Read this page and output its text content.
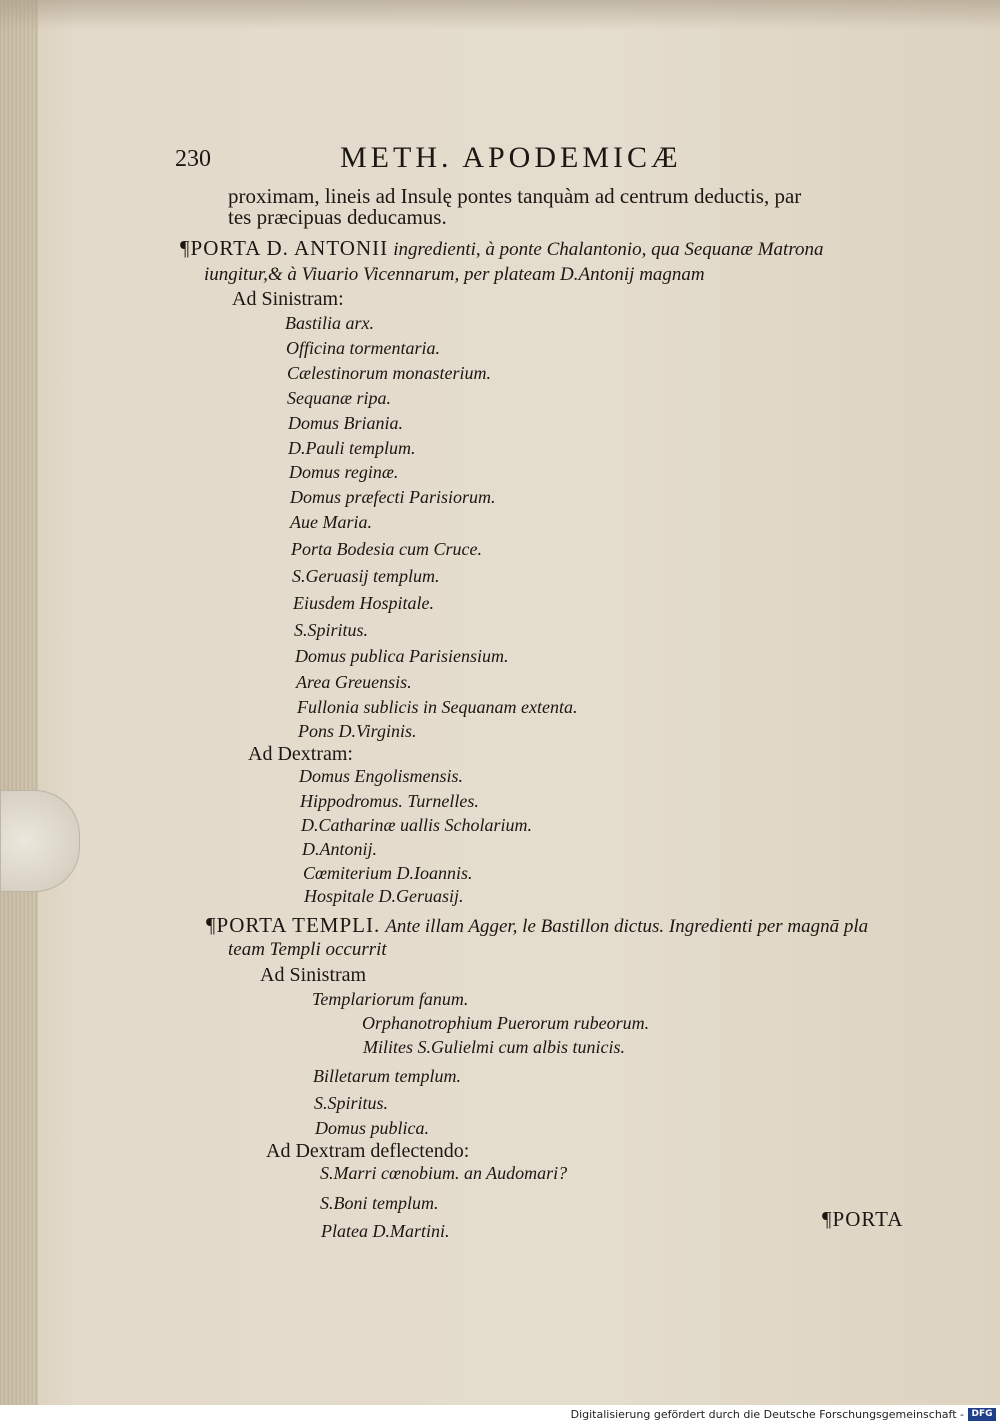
230	METH. APODEMICÆ
proximam, lineis ad Insulę pontes tanquàm ad centrum deductis, par
tes præcipuas deducamus.
¶PORTA D. ANTONII ingredienti, à ponte Chalantonio, qua Sequanæ Matrona
iungitur,& à Viuario Vicennarum, per plateam D.Antonij magnam
Ad Sinistram:
Bastilia arx.
Officina tormentaria.
Cælestinorum monasterium.
Sequanæ ripa.
Domus Briania.
D.Pauli templum.
Domus reginæ.
Domus præfecti Parisiorum.
Aue Maria.
Porta Bodesia cum Cruce.
S.Geruasij templum.
Eiusdem Hospitale.
S.Spiritus.
Domus publica Parisiensium.
Area Greuensis.
Fullonia sublicis in Sequanam extenta.
Pons D.Virginis.
Ad Dextram:
Domus Engolismensis.
Hippodromus. Turnelles.
D.Catharinæ uallis Scholarium.
D.Antonij.
Cœmiterium D.Ioannis.
Hospitale D.Geruasij.
¶PORTA TEMPLI. Ante illam Agger, le Bastillon dictus. Ingredienti per magnā pla
team Templi occurrit
Ad Sinistram
Templariorum fanum.
Orphanotrophium Puerorum rubeorum.
Milites S.Gulielmi cum albis tunicis.
Billetarum templum.
S.Spiritus.
Domus publica.
Ad Dextram deflectendo:
S.Marri cœnobium. an Audomari?
S.Boni templum.
Platea D.Martini.	¶PORTA
Digitalisierung gefördert durch die Deutsche Forschungsgemeinschaft - DFG
